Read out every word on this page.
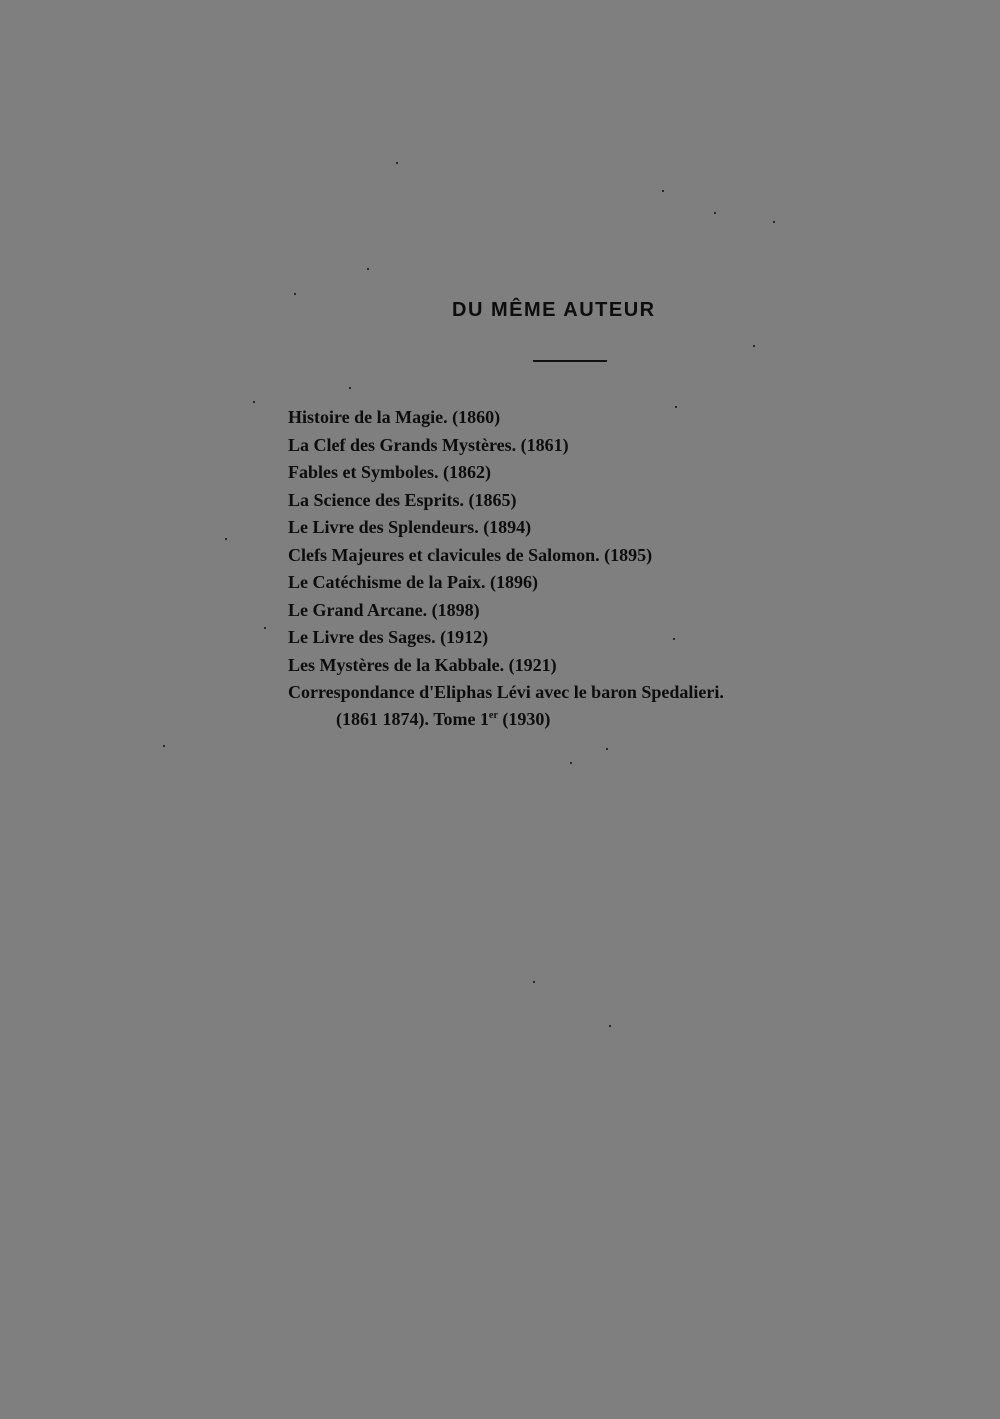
DU MÊME AUTEUR
Histoire de la Magie. (1860)
La Clef des Grands Mystères. (1861)
Fables et Symboles. (1862)
La Science des Esprits. (1865)
Le Livre des Splendeurs. (1894)
Clefs Majeures et clavicules de Salomon. (1895)
Le Catéchisme de la Paix. (1896)
Le Grand Arcane. (1898)
Le Livre des Sages. (1912)
Les Mystères de la Kabbale. (1921)
Correspondance d'Eliphas Lévi avec le baron Spedalieri.
(1861 1874). Tome 1er (1930)
